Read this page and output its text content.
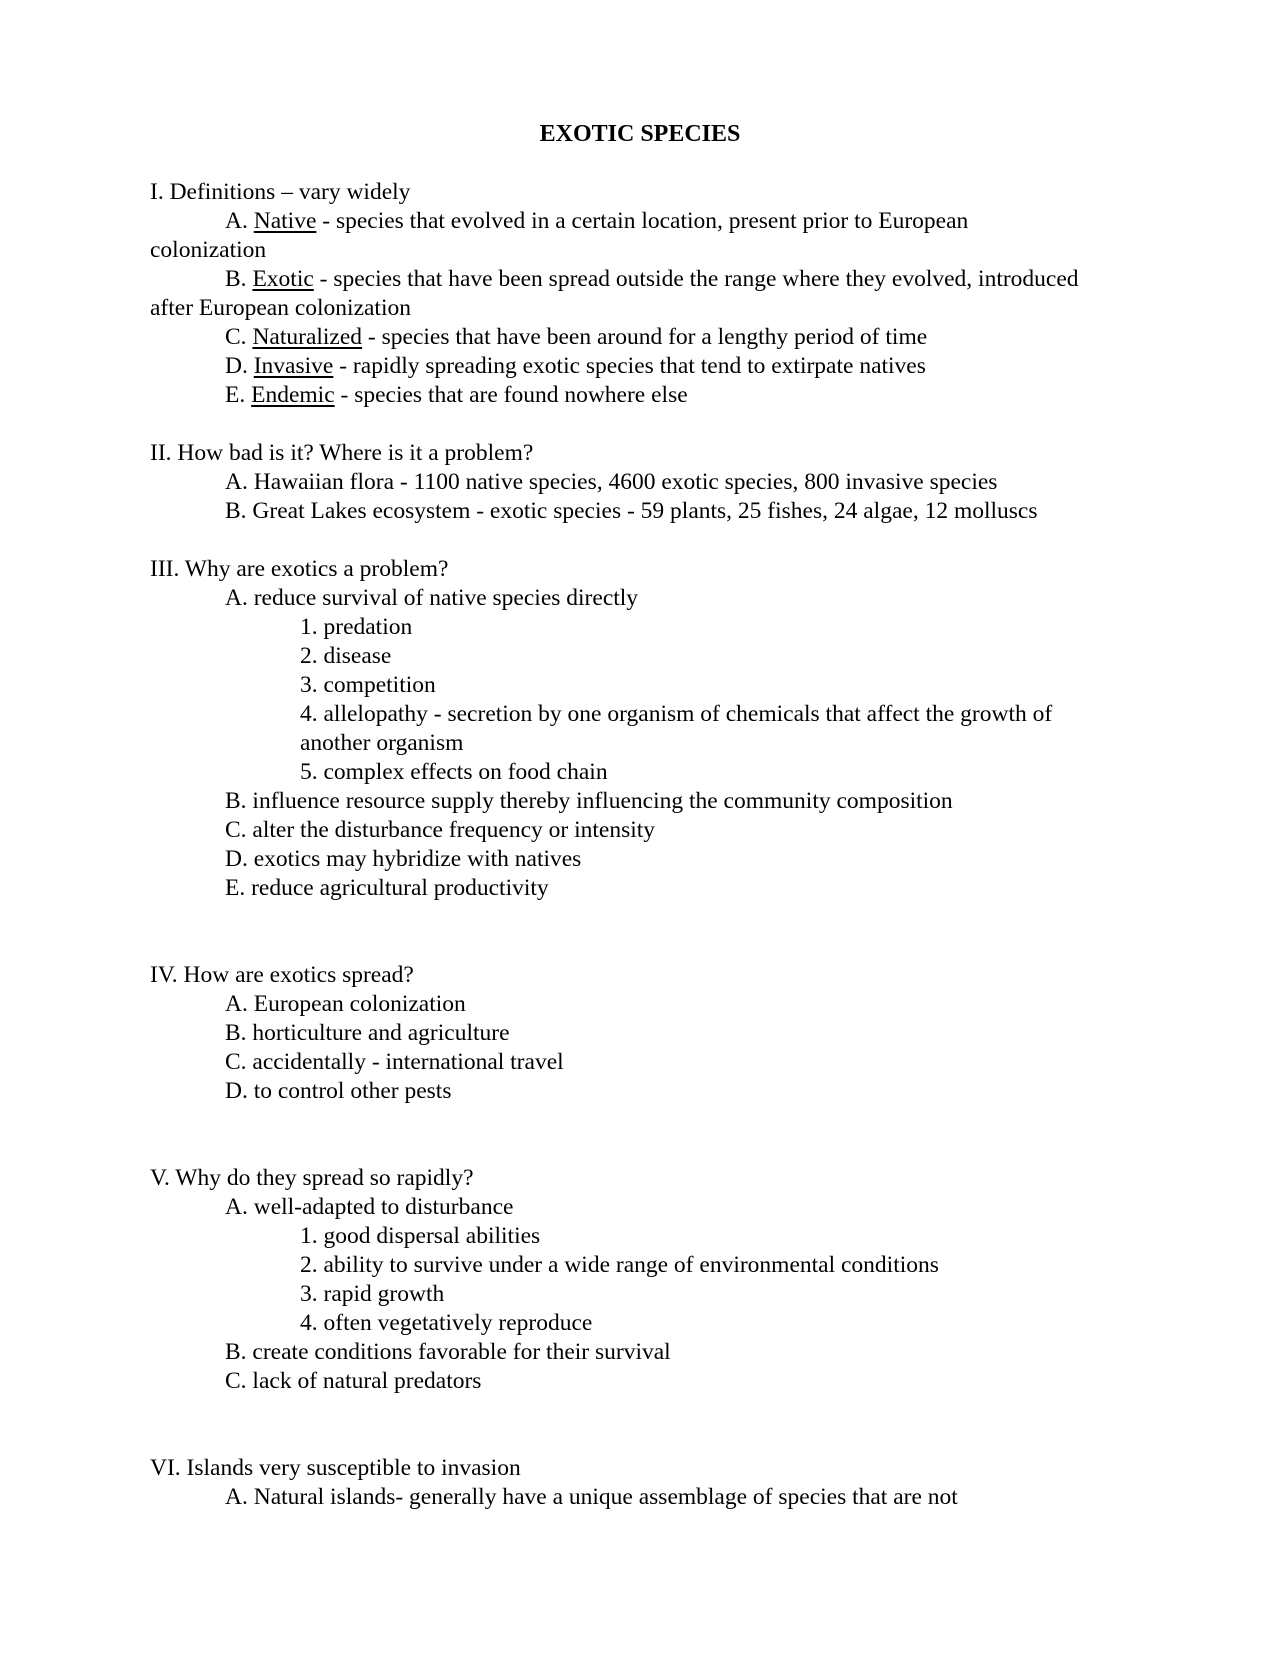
EXOTIC SPECIES
I. Definitions – vary widely
A. Native - species that evolved in a certain location, present prior to European
colonization
B. Exotic - species that have been spread outside the range where they evolved, introduced
after European colonization
C. Naturalized - species that have been around for a lengthy period of time
D. Invasive - rapidly spreading exotic species that tend to extirpate natives
E. Endemic - species that are found nowhere else
II. How bad is it? Where is it a problem?
A. Hawaiian flora - 1100 native species, 4600 exotic species, 800 invasive species
B. Great Lakes ecosystem - exotic species - 59 plants, 25 fishes, 24 algae, 12 molluscs
III. Why are exotics a problem?
A. reduce survival of native species directly
1. predation
2. disease
3. competition
4. allelopathy - secretion by one organism of chemicals that affect the growth of
another organism
5. complex effects on food chain
B. influence resource supply thereby influencing the community composition
C. alter the disturbance frequency or intensity
D. exotics may hybridize with natives
E. reduce agricultural productivity
IV. How are exotics spread?
A. European colonization
B. horticulture and agriculture
C. accidentally - international travel
D. to control other pests
V. Why do they spread so rapidly?
A. well-adapted to disturbance
1. good dispersal abilities
2. ability to survive under a wide range of environmental conditions
3. rapid growth
4. often vegetatively reproduce
B. create conditions favorable for their survival
C. lack of natural predators
VI. Islands very susceptible to invasion
A. Natural islands- generally have a unique assemblage of species that are not
